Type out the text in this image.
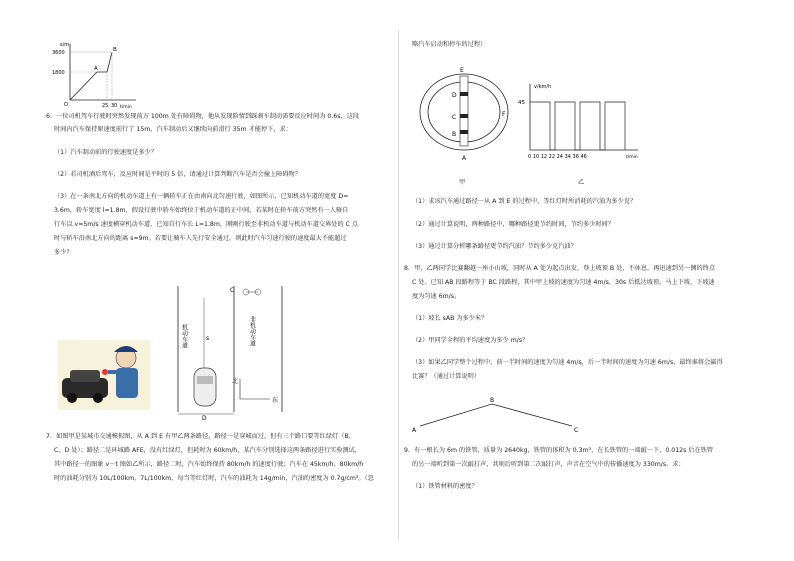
s/m
3600
1800
25 30 t/min
A
B
O

6．一位司机驾车行驶时突然发现前方 100m 处有障碍物，他从发现险情到踩刹车制动需要反应时间为 0.6s，这段

时间内汽车保持原速度前行了 15m，汽车制动后又继续向前滑行 35m 才能停下，求：

（1）汽车制动前的行驶速度是多少？

（2）若司机酒后驾车，反应时间是平时的 5 倍，请通过计算判断汽车是否会撞上障碍物？

（3）在一条南北方向的机动车道上有一辆轿车正在由南向北匀速行驶，如图所示，已知机动车道的宽度 D=

3.6m，轿车宽度 l=1.8m，假设行驶中轿车始终位于机动车道的正中间，若某时在轿车前方突然有一人骑自

行车以 v=5m/s 速度横穿机动车道，已知自行车长 L=1.8m，刚刚行驶至非机动车道与机动车道交界处的 C 点

时与轿车沿南北方向的距离 s=9m。若要让骑车人先行安全通过，则此时汽车匀速行驶的速度最大不能超过

多少？

机动车道	非机动车道
C
s
D
北
东

7．如图甲是某城市交通模拟图，从 A 到 E 有甲乙两条路径，路径一是穿城而过，但有三个路口要等红绿灯（B、

C、D 处）；路径二是环城路 AFE，没有红绿灯，但耗时为 60km/h，某汽车分别选择这两条路径进行实验测试，

其中路径一的图象 v－t 图如乙所示，路径二时，汽车始终保持 80km/h 的速度行驶；汽车在 45km/h、80km/h

时的油耗分别为 10L/100km、7L/100km，每当等红灯时，汽车的油耗为 14g/min，汽油的密度为 0.7g/cm³。（忽

略汽车启动和停车的过程）

E
D
C
B
A
F

甲

v/km/h
45
0 10 12 22 24 34 36 46	t/min

乙

（1）求该汽车通过路径一从 A 到 E 的过程中，等红灯时所消耗的汽油为多少克？

（2）通过计算说明，两种路径中，哪种路径更节约时间，节约多少时间？

（3）通过计算分析哪条路径更节约汽油？节约多少克汽油？

8．甲、乙两同学比赛翻越一座小山坡，同时从 A 处为起点出发，登上坡顶 B 处，不休息，再迅速到另一侧的终点

C 处。已知 AB 段路程等于 BC 段路程，其中甲上坡的速度为匀速 4m/s，30s 后抵达坡顶，马上下坡，下坡速

度为匀速 6m/s。

（1）坡长 sAB 为多少米？

（2）甲同学全程的平均速度为多少 m/s？

（3）如果乙同学整个过程中，前一半时间的速度为匀速 4m/s，后一半时间的速度为匀速 6m/s，最终谁将会赢得

比赛？（通过计算说明）

A
B
C

9．有一根长为 6m 的铁管，质量为 2640kg，铁管的体积为 0.3m³，在长铁管的一端敲一下，0.012s 后在铁管

的另一端听到第一次敲打声，共则后听到第二次敲打声，声音在空气中的传播速度为 330m/s。求：

（1）铁管材料的密度？
